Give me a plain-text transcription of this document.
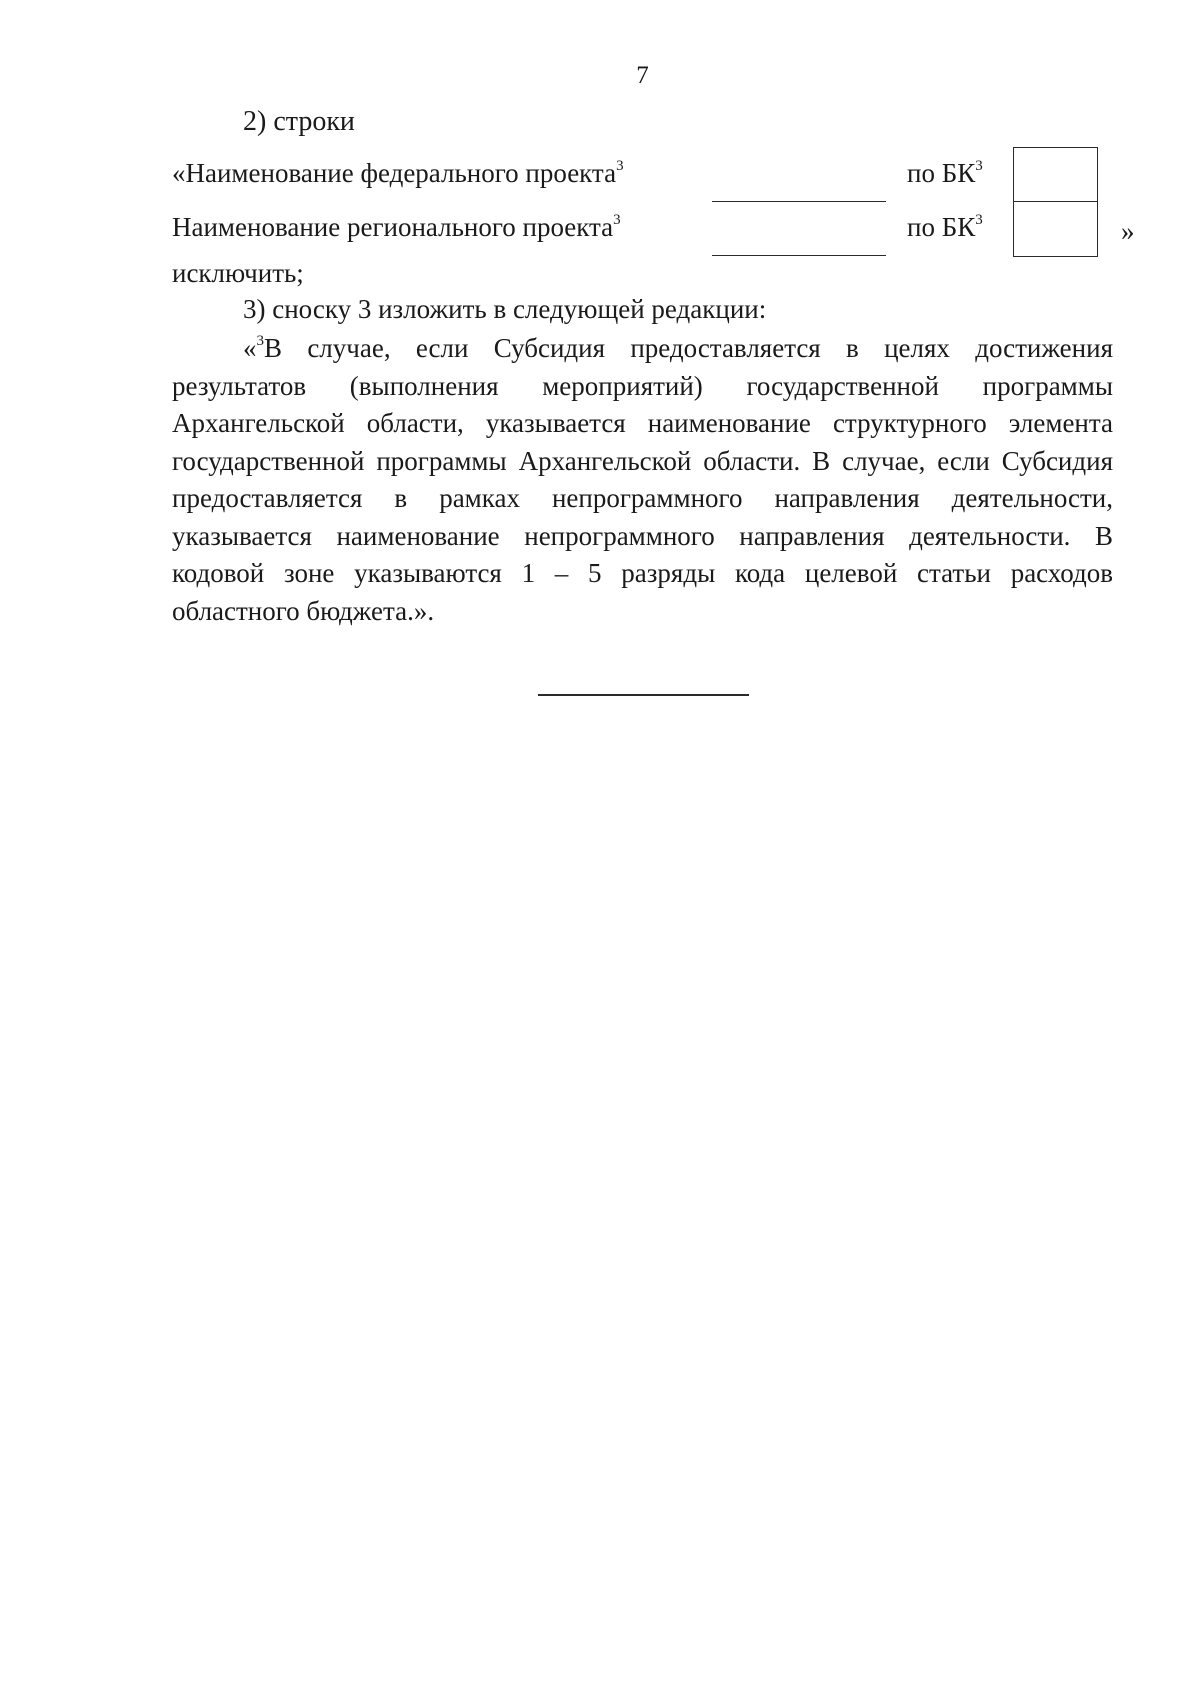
7
2) строки
«Наименование федерального проекта$^3$	по $БК^3$
Наименование регионального проекта$^3$	по $БК^3$	»
исключить;
3) сноску 3 изложить в следующей редакции:

«$^3$В случае, если Субсидия предоставляется в целях достижения результатов (выполнения мероприятий) государственной программы Архангельской области, указывается наименование структурного элемента государственной программы Архангельской области. В случае, если Субсидия предоставляется в рамках непрограммного направления деятельности, указывается наименование непрограммного направления деятельности. В кодовой зоне указываются 1 – 5 разряды кода целевой статьи расходов областного бюджета.».
